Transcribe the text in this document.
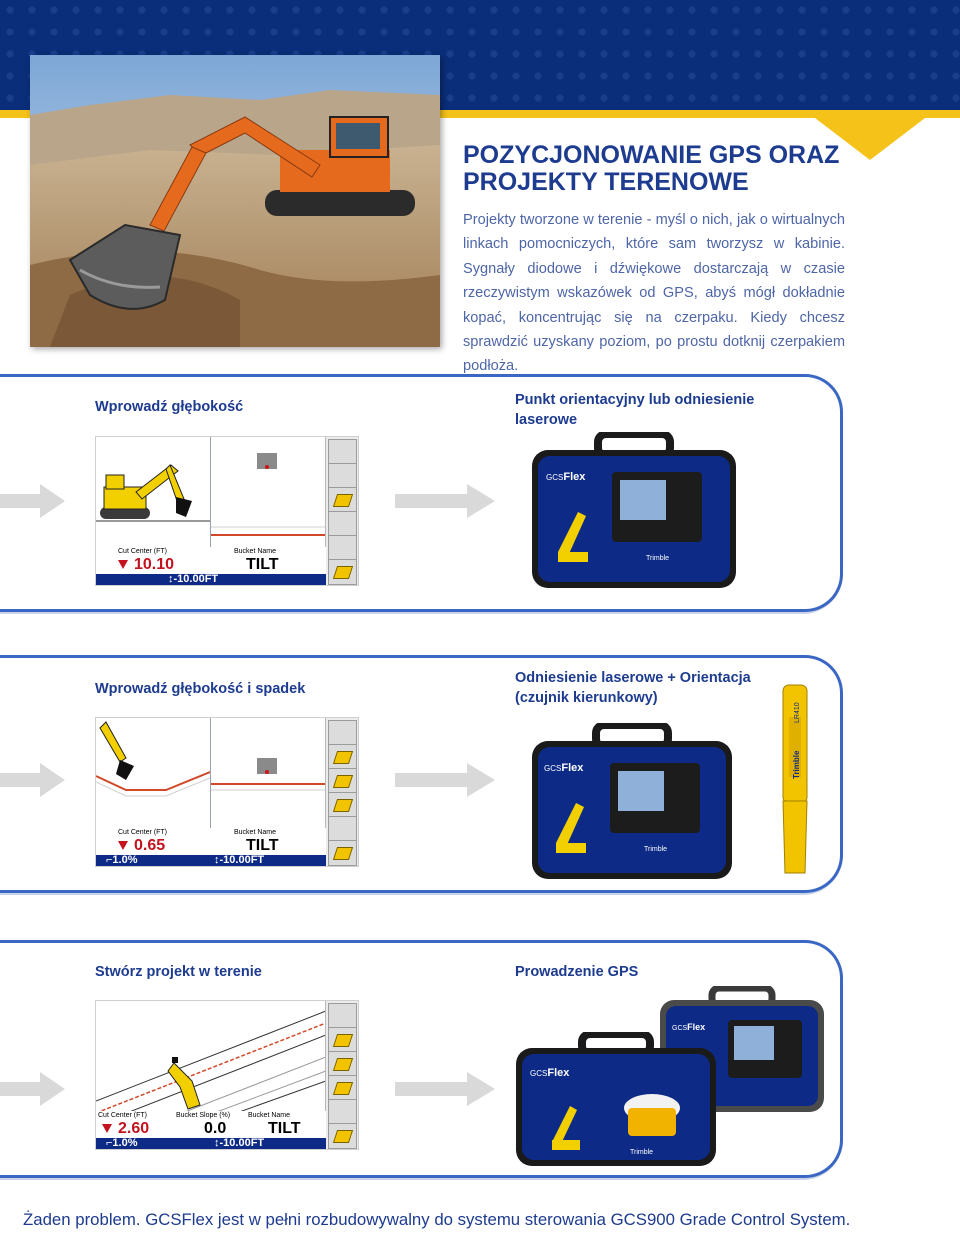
POZYCJONOWANIE GPS ORAZ PROJEKTY TERENOWE

Projekty tworzone w terenie - myśl o nich, jak o wirtualnych linkach pomocniczych, które sam tworzysz w kabinie. Sygnały diodowe i dźwiękowe dostarczają w czasie rzeczywistym wskazówek od GPS, abyś mógł dokładnie kopać, koncentrując się na czerpaku. Kiedy chcesz sprawdzić uzyskany poziom, po prostu dotknij czerpakiem podłoża.

Wprowadź głębokość	Punkt orientacyjny lub odniesienie laserowe

Cut Center (FT)	Bucket Name
10.10	TILT
↕-10.00FT
GCSFlex
Trimble

Wprowadź głębokość i spadek

Odniesienie laserowe + Orientacja (czujnik kierunkowy)

Cut Center (FT)	Bucket Name
0.65	TILT
⌐1.0%	↕-10.00FT
GCSFlex
Trimble
Trimble
LR410

Stwórz projekt w terenie	Prowadzenie GPS

Cut Center (FT)	Bucket Slope (%)	Bucket Name
2.60	0.0	TILT
⌐1.0%	↕-10.00FT
GCSFlex
GCSFlex
Trimble

Żaden problem. GCSFlex jest w pełni rozbudowywalny do systemu sterowania GCS900 Grade Control System.
